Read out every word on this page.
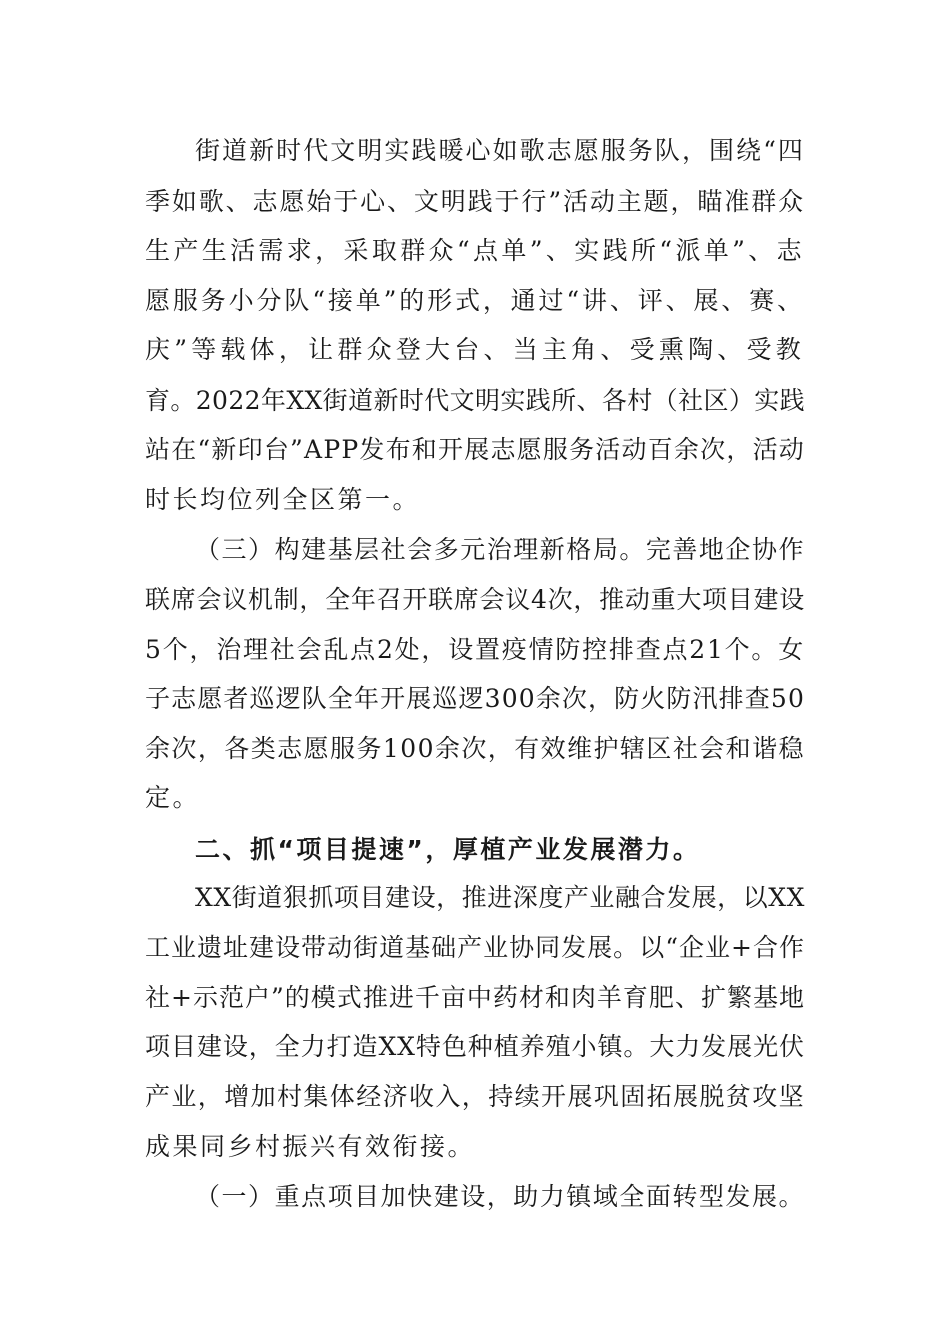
街道新时代文明实践暖心如歌志愿服务队，围绕“四
季如歌、志愿始于心、文明践于行”活动主题，瞄准群众
生产生活需求，采取群众“点单”、实践所“派单”、志
愿服务小分队“接单”的形式，通过“讲、评、展、赛、
庆”等载体，让群众登大台、当主角、受熏陶、受教
育。2022年XX街道新时代文明实践所、各村（社区）实践
站在“新印台”APP发布和开展志愿服务活动百余次，活动
时长均位列全区第一。
（三）构建基层社会多元治理新格局。完善地企协作
联席会议机制，全年召开联席会议4次，推动重大项目建设
5个，治理社会乱点2处，设置疫情防控排查点21个。女
子志愿者巡逻队全年开展巡逻300余次，防火防汛排查50
余次，各类志愿服务100余次，有效维护辖区社会和谐稳
定。
二、抓“项目提速”，厚植产业发展潜力。
XX街道狠抓项目建设，推进深度产业融合发展，以XX
工业遗址建设带动街道基础产业协同发展。以“企业+合作
社+示范户”的模式推进千亩中药材和肉羊育肥、扩繁基地
项目建设，全力打造XX特色种植养殖小镇。大力发展光伏
产业，增加村集体经济收入，持续开展巩固拓展脱贫攻坚
成果同乡村振兴有效衔接。
（一）重点项目加快建设，助力镇域全面转型发展。
